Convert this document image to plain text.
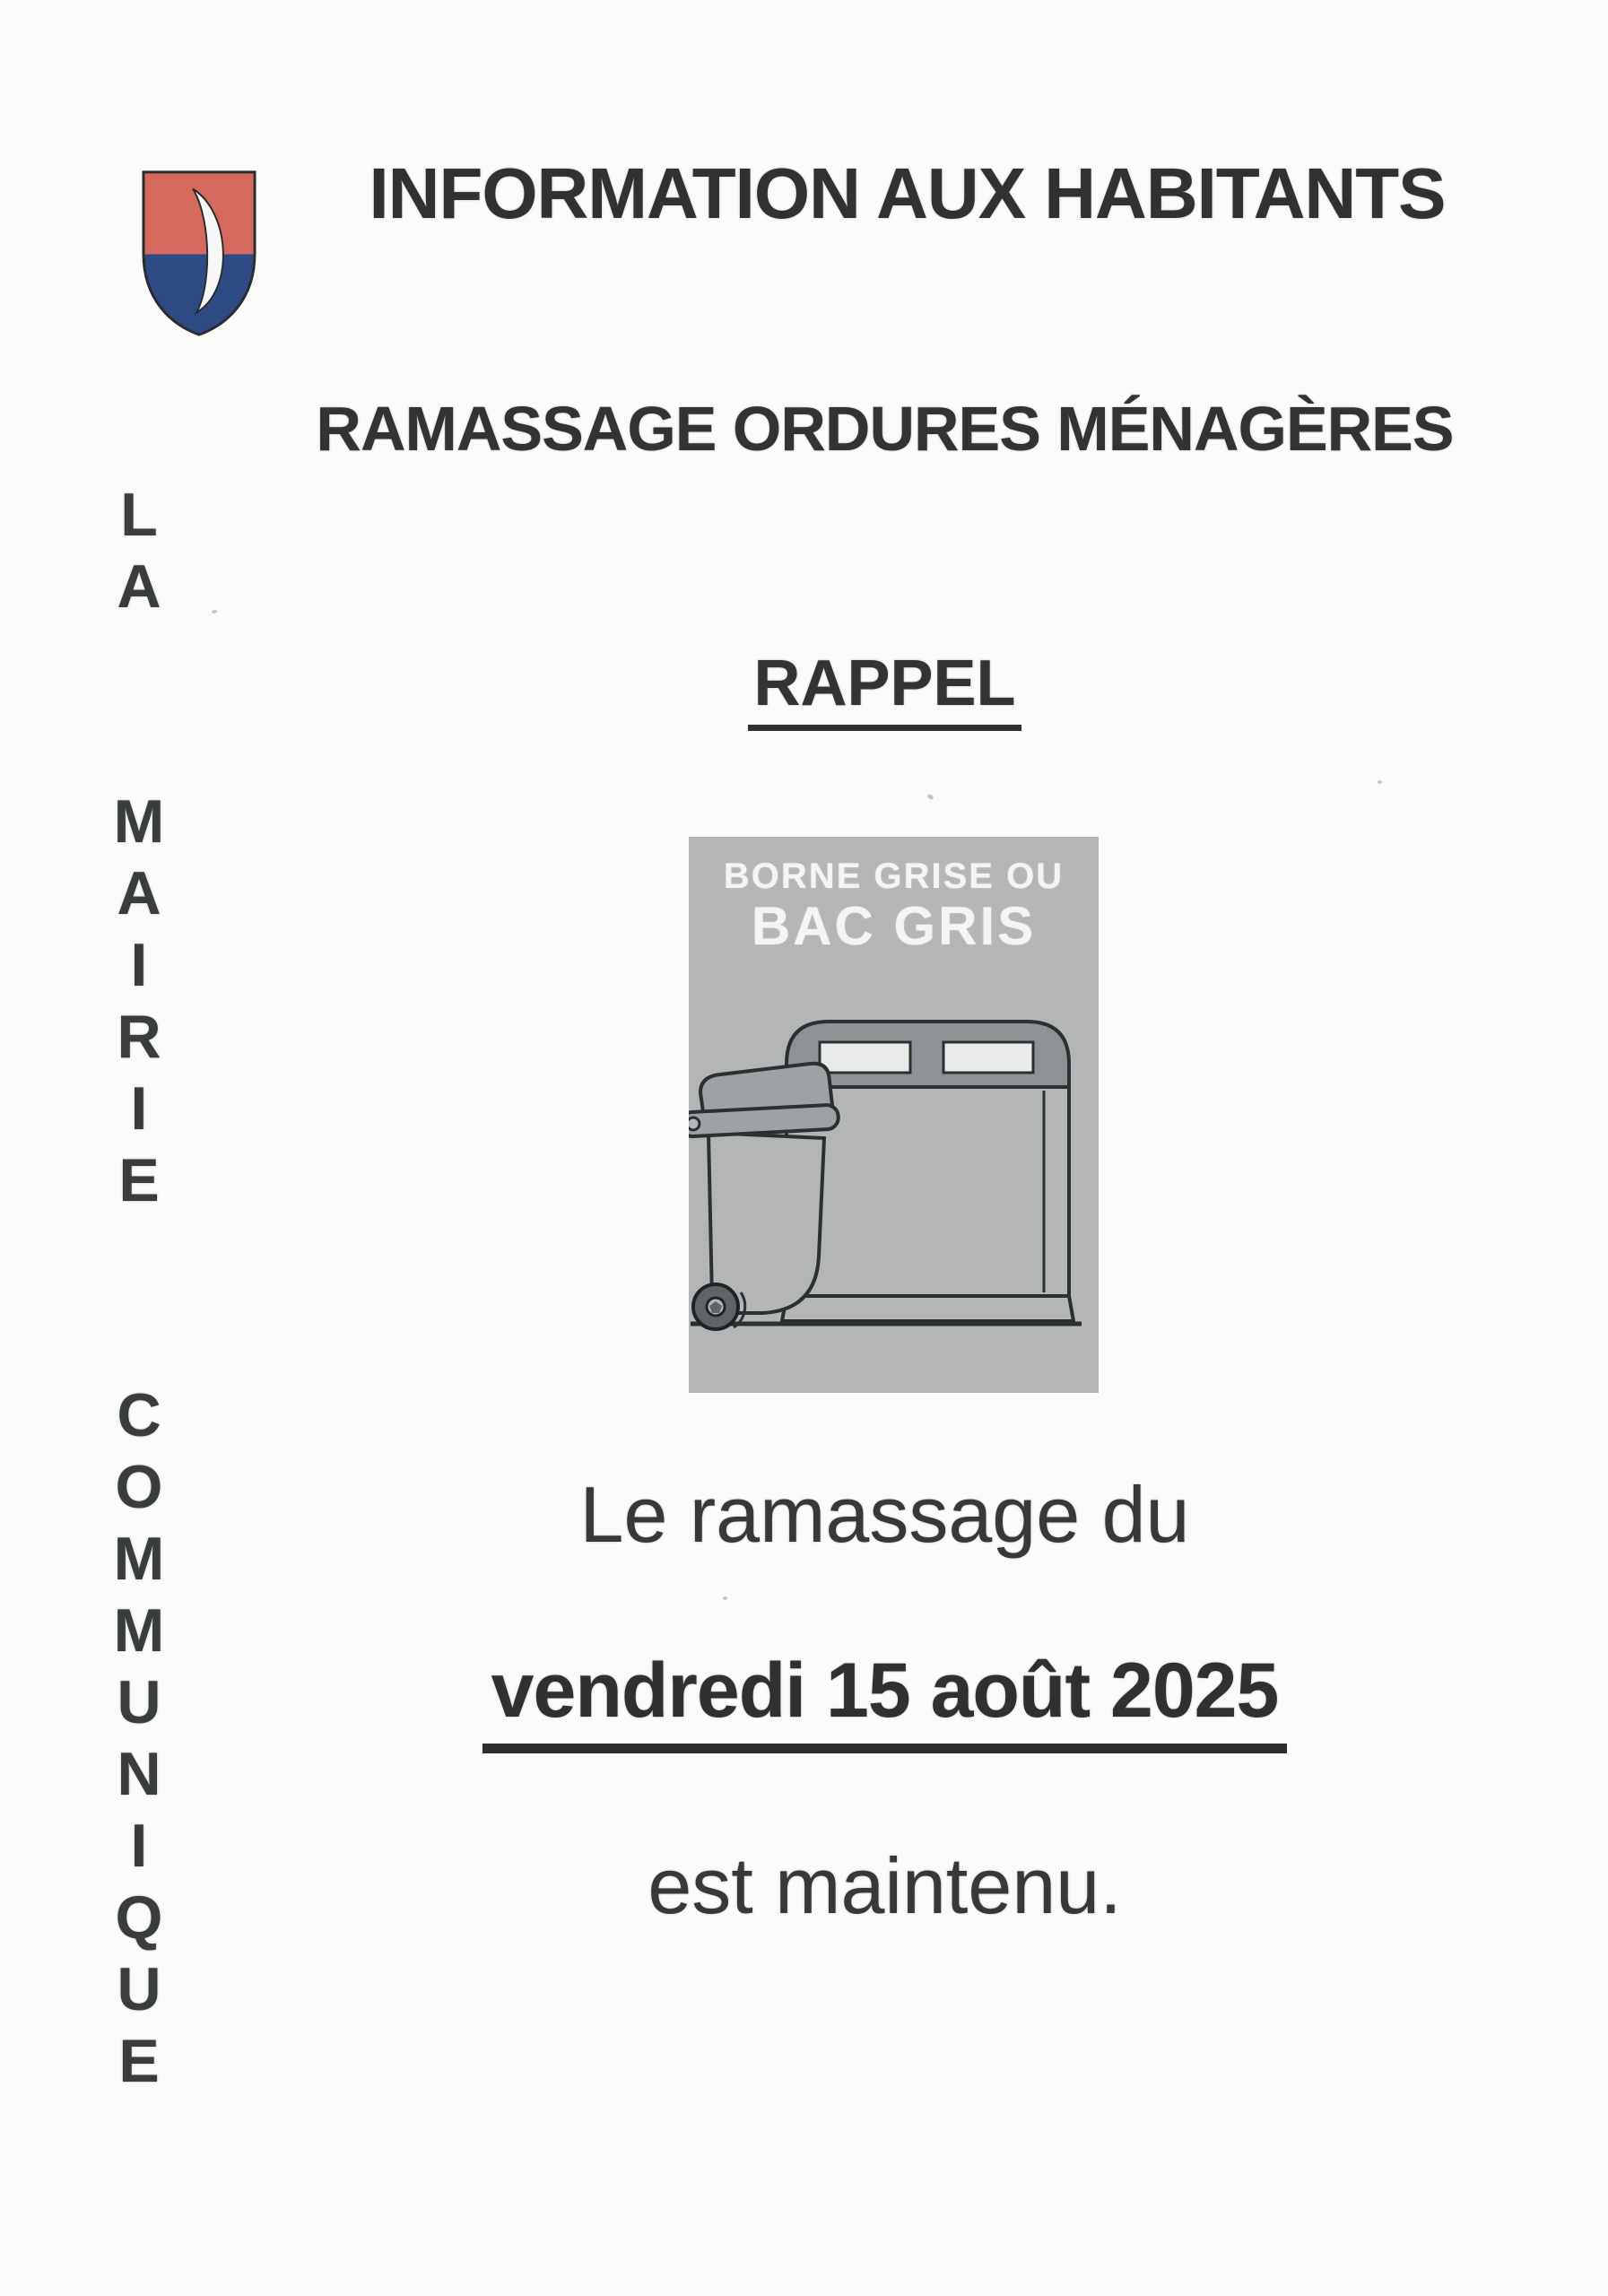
L
A
M
A
I
R
I
E
C
O
M
M
U
N
I
Q
U
E
INFORMATION AUX HABITANTS
RAMASSAGE ORDURES MÉNAGÈRES
RAPPEL
BORNE GRISE OU
BAC GRIS
Le ramassage du
vendredi 15 août 2025
est maintenu.
